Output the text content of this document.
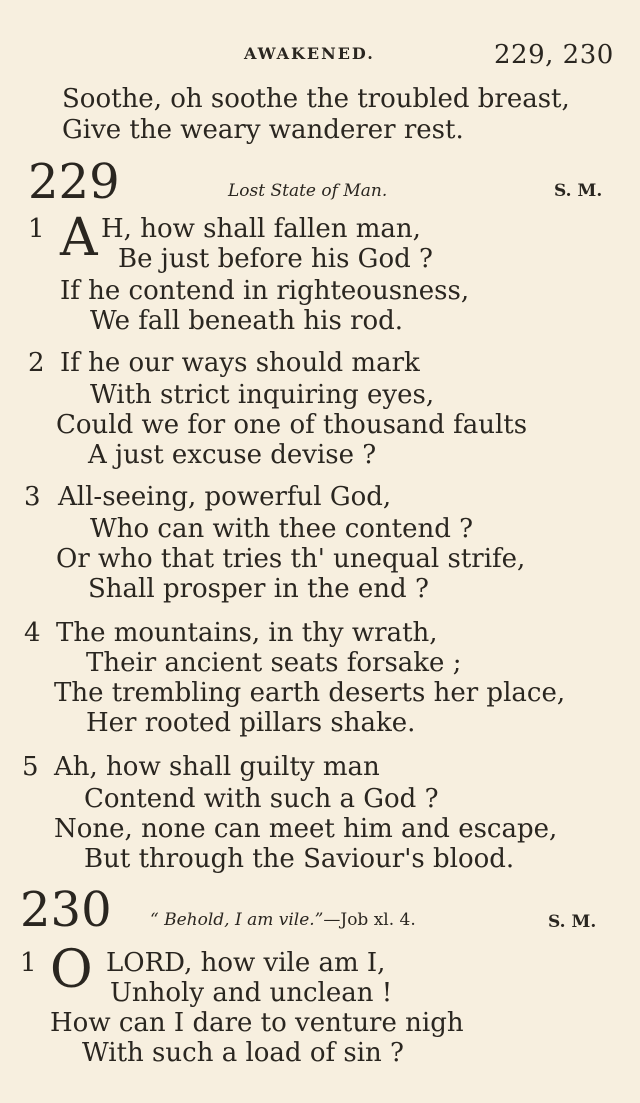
AWAKENED.	229, 230
Soothe, oh soothe the troubled breast,
Give the weary wanderer rest.
229	Lost State of Man.	S. M.
1 A H, how shall fallen man,
Be just before his God ?
If he contend in righteousness,
We fall beneath his rod.
2 If he our ways should mark
With strict inquiring eyes,
Could we for one of thousand faults
A just excuse devise ?
3 All-seeing, powerful God,
Who can with thee contend ?
Or who that tries th' unequal strife,
Shall prosper in the end ?
4 The mountains, in thy wrath,
Their ancient seats forsake ;
The trembling earth deserts her place,
Her rooted pillars shake.
5 Ah, how shall guilty man
Contend with such a God ?
None, none can meet him and escape,
But through the Saviour's blood.
230 “ Behold, I am vile.”—Job xl. 4.	S. M.
1 O LORD, how vile am I,
Unholy and unclean !
How can I dare to venture nigh
With such a load of sin ?
